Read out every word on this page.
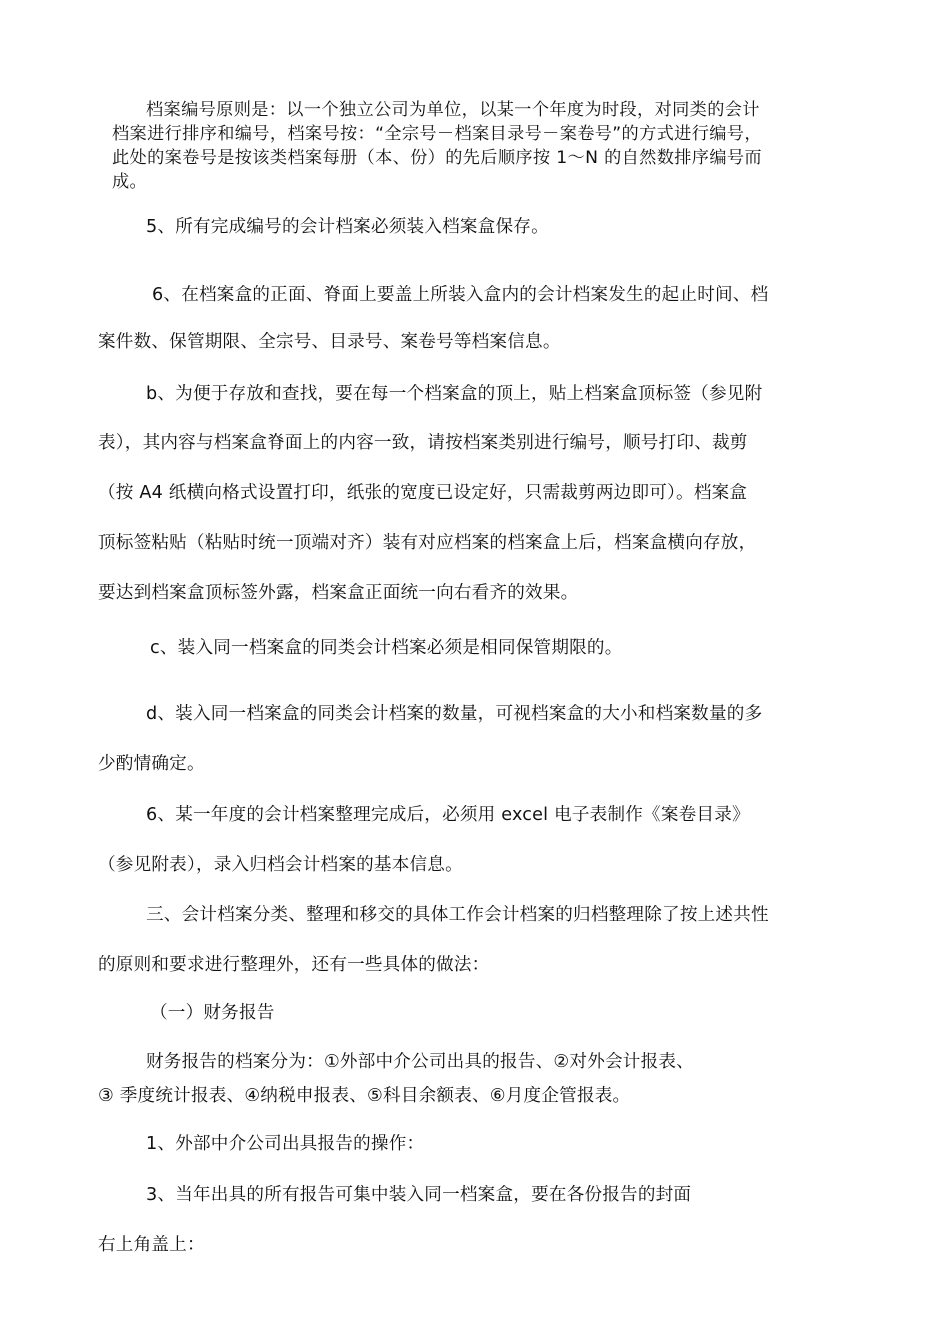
档案编号原则是：以一个独立公司为单位，以某一个年度为时段，对同类的会计
档案进行排序和编号，档案号按：“全宗号－档案目录号－案卷号”的方式进行编号，
此处的案卷号是按该类档案每册（本、份）的先后顺序按 1～N 的自然数排序编号而
成。
5、所有完成编号的会计档案必须装入档案盒保存。
6、在档案盒的正面、脊面上要盖上所装入盒内的会计档案发生的起止时间、档
案件数、保管期限、全宗号、目录号、案卷号等档案信息。
b、为便于存放和查找，要在每一个档案盒的顶上，贴上档案盒顶标签（参见附
表），其内容与档案盒脊面上的内容一致，请按档案类别进行编号，顺号打印、裁剪
（按 A4 纸横向格式设置打印，纸张的宽度已设定好，只需裁剪两边即可）。档案盒
顶标签粘贴（粘贴时统一顶端对齐）装有对应档案的档案盒上后，档案盒横向存放，
要达到档案盒顶标签外露，档案盒正面统一向右看齐的效果。
c、装入同一档案盒的同类会计档案必须是相同保管期限的。
d、装入同一档案盒的同类会计档案的数量，可视档案盒的大小和档案数量的多
少酌情确定。
6、某一年度的会计档案整理完成后，必须用 excel 电子表制作《案卷目录》
（参见附表），录入归档会计档案的基本信息。
三、会计档案分类、整理和移交的具体工作会计档案的归档整理除了按上述共性
的原则和要求进行整理外，还有一些具体的做法：
（一）财务报告
财务报告的档案分为：①外部中介公司出具的报告、②对外会计报表、
③ 季度统计报表、④纳税申报表、⑤科目余额表、⑥月度企管报表。
1、外部中介公司出具报告的操作：
3、当年出具的所有报告可集中装入同一档案盒，要在各份报告的封面
右上角盖上：
